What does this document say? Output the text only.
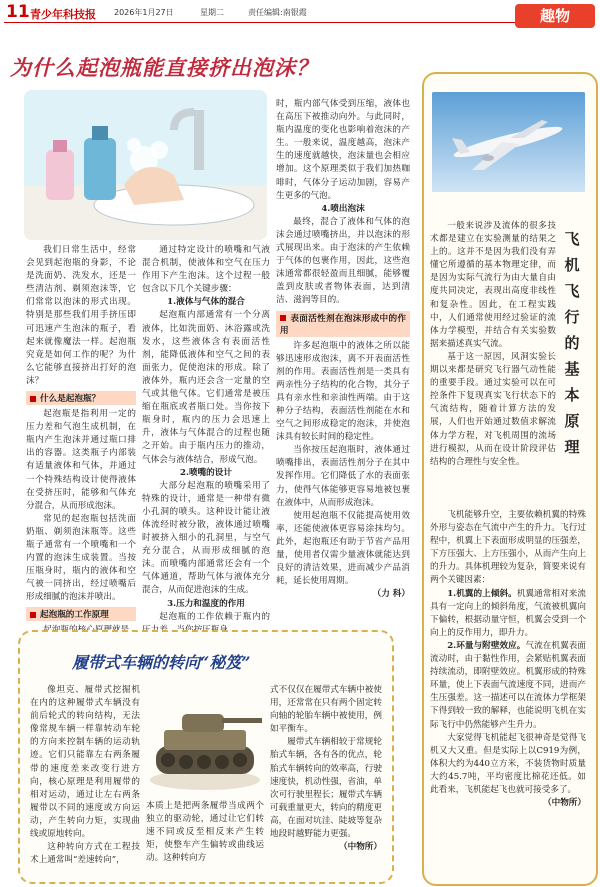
11 青少年科技报 2026年1月27日	星期二	责任编辑:南银霞	趣物
为什么起泡瓶能直接挤出泡沫？

我们日常生活中，经常会见到起泡瓶的身影，不论是洗面奶、洗发水，还是一些清洁剂、剃须泡沫等，它们常常以泡沫的形式出现。特别是那些我们用手挤压即可迅速产生泡沫的瓶子，看起来就像魔法一样。起泡瓶究竟是如何工作的呢？为什么它能够直接挤出打好的泡沫？

什么是起泡瓶？

起泡瓶是指利用一定的压力差和气泡生成机制，在瓶内产生泡沫并通过瓶口排出的容器。这类瓶子内部装有适量液体和气体，并通过一个特殊结构设计使得液体在受挤压时，能够和气体充分混合，从而形成泡沫。

常见的起泡瓶包括洗面奶瓶、剃须泡沫瓶等。这些瓶子通常有一个喷嘴和一个内置的泡沫生成装置。当按压瓶身时，瓶内的液体和空气被一同挤出，经过喷嘴后形成细腻的泡沫并喷出。

起泡瓶的工作原理

通过特定设计的喷嘴和气液混合机制，使液体和空气在压力作用下产生泡沫。这个过程一般包含以下几个关键步骤：

1.液体与气体的混合

起泡瓶内部通常有一个分离液体，比如洗面奶、沐浴露或洗发水，这些液体含有表面活性剂，能降低液体和空气之间的表面张力，促使泡沫的形成。除了液体外，瓶内还会含一定量的空气或其他气体。它们通常是被压缩在瓶底或者瓶口处。当你按下瓶身时，瓶内的压力会迅速上升，液体与气体混合的过程也随之开始。由于瓶内压力的推动，气体会与液体结合，形成气泡。

2.喷嘴的设计

大部分起泡瓶的喷嘴采用了特殊的设计，通常是一种带有微小孔洞的喷头。这种设计能让液体流经时被分散，液体通过喷嘴时被挤入细小的孔洞里，与空气充分混合，从而形成细腻的泡沫。而喷嘴内部通常还会有一个气体通道，帮助气体与液体充分混合，从而促进泡沫的生成。

3.压力和温度的作用

起泡瓶的工作依赖于瓶内的

时，瓶内部气体受到压缩，液体也在高压下被推动向外。与此同时，瓶内温度的变化也影响着泡沫的产生。一般来说，温度越高，泡沫产生的速度就越快，泡沫量也会相应增加。这个原理类似于我们加热咖啡时，气体分子运动加剧，容易产生更多的气泡。

4.喷出泡沫

最终，混合了液体和气体的泡沫会通过喷嘴挤出，并以泡沫的形式展现出来。由于泡沫的产生依赖于气体的包裹作用，因此，这些泡沫通常都很轻盈而且细腻，能够覆盖到皮肤或者物体表面，达到清洁、滋润等目的。

表面活性剂在泡沫形成中的作用

许多起泡瓶中的液体之所以能够迅速形成泡沫，离不开表面活性剂的作用。表面活性剂是一类具有两亲性分子结构的化合物，其分子具有亲水性和亲油性两端。由于这种分子结构，表面活性剂能在水和空气之间形成稳定的泡沫，并使泡沫具有较长时间的稳定性。

当你按压起泡瓶时，液体通过喷嘴排出，表面活性剂分子在其中发挥作用。它们降低了水的表面张力，使得气体能够更容易地被包裹在液体中，从而形成泡沫。

使用起泡瓶不仅能提高使用效率，还能使液体更容易涂抹均匀。此外，起泡瓶还有助于节省产品用量，使用者仅需少量液体就能达到良好的清洁效果，进而减少产品消耗，延长使用周期。

（力 科）

履带式车辆的转向“秘笈”

像坦克、履带式挖掘机在内的这种履带式车辆没有前后轮式的转向结构，无法像常规车辆一样靠转动车轮的方向来控制车辆的运动轨迹。它们只能靠左右两条履带的速度差来改变行进方向，核心原理是利用履带的相对运动，通过让左右两条履带以不同的速度或方向运动，产生转向力矩，实现曲线或原地转向。

这种转向方式在工程技术上通常叫“差速转向”，

本质上是把两条履带当成两个独立的驱动轮，通过让它们转速不同或反至相反来产生转矩，使整车产生偏转或曲线运动。这种转向方

式不仅仅在履带式车辆中被使用，还常常在只有两个固定转向轴的轮胎车辆中被使用，例如平衡车。

履带式车辆相较于常规轮胎式车辆，各有各的优点，轮胎式车辆转向的效率高，行驶速度快，机动性强，省油，单次可行驶里程长；履带式车辆可载重量更大，转向的精度更高，在面对坑洼、陡坡等复杂地段时越野能力更强。

（中物所）

飞机飞行的基本原理

一般来说涉及流体的很多技术都是建立在实验测量的结果之上的。这并不是因为我们没有弄懂它所遵循的基本物理定律，而是因为实际气流行为由大量自由度共同决定，表现出高度非线性和复杂性。因此，在工程实践中，人们通常使用经过验证的流体力学模型，并结合有关实验数据来描述真实气流。

基于这一原因，风洞实验长期以来都是研究飞行器气动性能的重要手段。通过实验可以在可控条件下复现真实飞行状态下的气流结构，随着计算方法的发展，人们也开始通过数值求解流体力学方程，对飞机周围的流场进行模拟，从而在设计阶段评估结构的合理性与安全性。

飞机能够升空，主要依赖机翼的特殊外形与姿态在气流中产生的升力。飞行过程中，机翼上下表面形成明显的压强差，下方压强大、上方压强小，从而产生向上的升力。具体机理较为复杂，简要来说有两个关键因素：

1.机翼的上倾斜。机翼通常相对来流具有一定向上的倾斜角度，气流被机翼向下偏转，根据动量守恒，机翼会受到一个向上的反作用力，即升力。

2.环量与附壁效应。气流在机翼表面流动时，由于黏性作用，会紧贴机翼表面持续流动，即附壁效应。机翼形成的特殊环量，使上下表面气流速度不同，进而产生压强差。这一描述可以在流体力学框架下得到较一致的解释，也能说明飞机在实际飞行中仍然能够产生升力。

大家觉得飞机能起飞很神奇是觉得飞机又大又重。但是实际上以C919为例，体积大约为440立方米，不装货物时质量大约45.7吨，平均密度比棉花还低。如此看来，飞机能起飞也就可接受多了。

（中物所）
